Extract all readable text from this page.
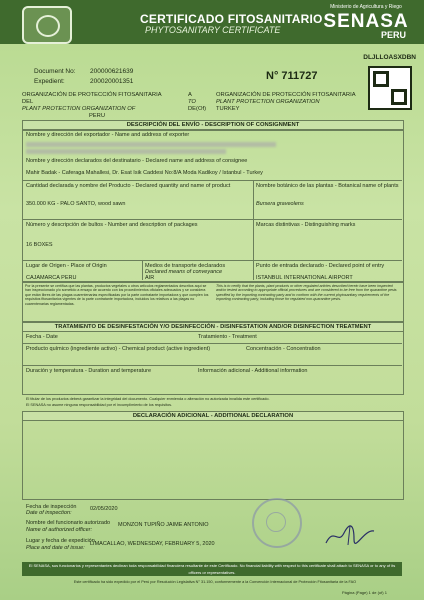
CERTIFICADO FITOSANITARIO
PHYTOSANITARY CERTIFICATE
Ministerio de Agricultura y Riego
SENASA
PERU
Document No: 200000621639
Expedient:	200020001351	N° 711727
DLJLLOASXDBN
ORGANIZACIÓN DE PROTECCIÓN FITOSANITARIA DEL
PLANT PROTECTION ORGANIZATION OF
PERU
A
TO
DE(Of)
ORGANIZACIÓN DE PROTECCIÓN FITOSANITARIA
PLANT PROTECTION ORGANIZATION
TURKEY
DESCRIPCIÓN DEL ENVÍO - DESCRIPTION OF CONSIGNMENT
Nombre y dirección del exportador - Name and address of exporter
Nombre y dirección declarados del destinatario - Declared name and address of consignee
Mahir Badak - Caferaga Mahallesi, Dr. Esat Isik Caddesi No:8/A Moda Kadikoy / Istanbul - Turkey
Cantidad declarada y nombre del Producto - Declared quantity and name of product
350.000 KG - PALO SANTO, wood sawn
Nombre botánico de las plantas - Botanical name of plants
Bursera graveolens
Número y descripción de bultos - Number and description of packages
16 BOXES
Marcas distintivas - Distinguishing marks
Lugar de Origen - Place of Origin
CAJAMARCA PERU
Medios de transporte declarados
Declared means of conveyance
AIR
Punto de entrada declarado - Declared point of entry
ISTANBUL INTERNATIONAL AIRPORT
Por la presente se certifica que las plantas, productos vegetales u otros artículos reglamentados descritos aquí se han inspeccionado y/o sometido a ensayo de acuerdo con los procedimientos oficiales adecuados y se considera que están libres de las plagas cuarentenarias especificadas por la parte contratante importadora y que cumplen los requisitos fitosanitarios vigentes de la parte contratante importadora, incluidos los relativos a las plagas no cuarentenarias reglamentadas.
This is to certify that the plants, plant products or other regulated articles described herein have been inspected and/or tested according to appropriate official procedures and are considered to be free from the quarantine pests specified by the importing contracting party and to conform with the current phytosanitary requirements of the importing contracting party, including those for regulated non-quarantine pests.
TRATAMIENTO DE DESINFESTACIÓN Y/O DESINFECCIÓN - DISINFESTATION AND/OR DISINFECTION TREATMENT
Fecha - Date	Tratamiento - Treatment
Producto químico (ingrediente activo) - Chemical product (active ingredient)	Concentración - Concentration
Duración y temperatura - Duration and temperature	Información adicional - Additional information
El titular de los productos deberá garantizar la integridad del documento. Cualquier enmienda o alteración no autorizada invalida este certificado.
El SENASA no asume ninguna responsabilidad por el incumplimiento de los requisitos.
DECLARACIÓN ADICIONAL - ADDITIONAL DECLARATION
Fecha de inspección
Date of inspection:
02/05/2020
Nombre del funcionario autorizado
Name of authorized officer:
MONZON TUPIÑO JAIME ANTONIO
Lugar y fecha de expedición
Place and date of issue:
LIMACALLAO, WEDNESDAY, FEBRUARY 5, 2020
El SENASA, sus funcionarios y representantes declinan toda responsabilidad financiera resultante de este Certificado. No financial liability with respect to this certificate shall attach to SENASA or to any of its officers or representatives.
Este certificado ha sido expedido por el Perú por Resolución Legislativa N° 31.150, conformemente a la Convención Internacional de Protección Fitosanitaria de la FAO
Página (Page) 1 de (of) 1
